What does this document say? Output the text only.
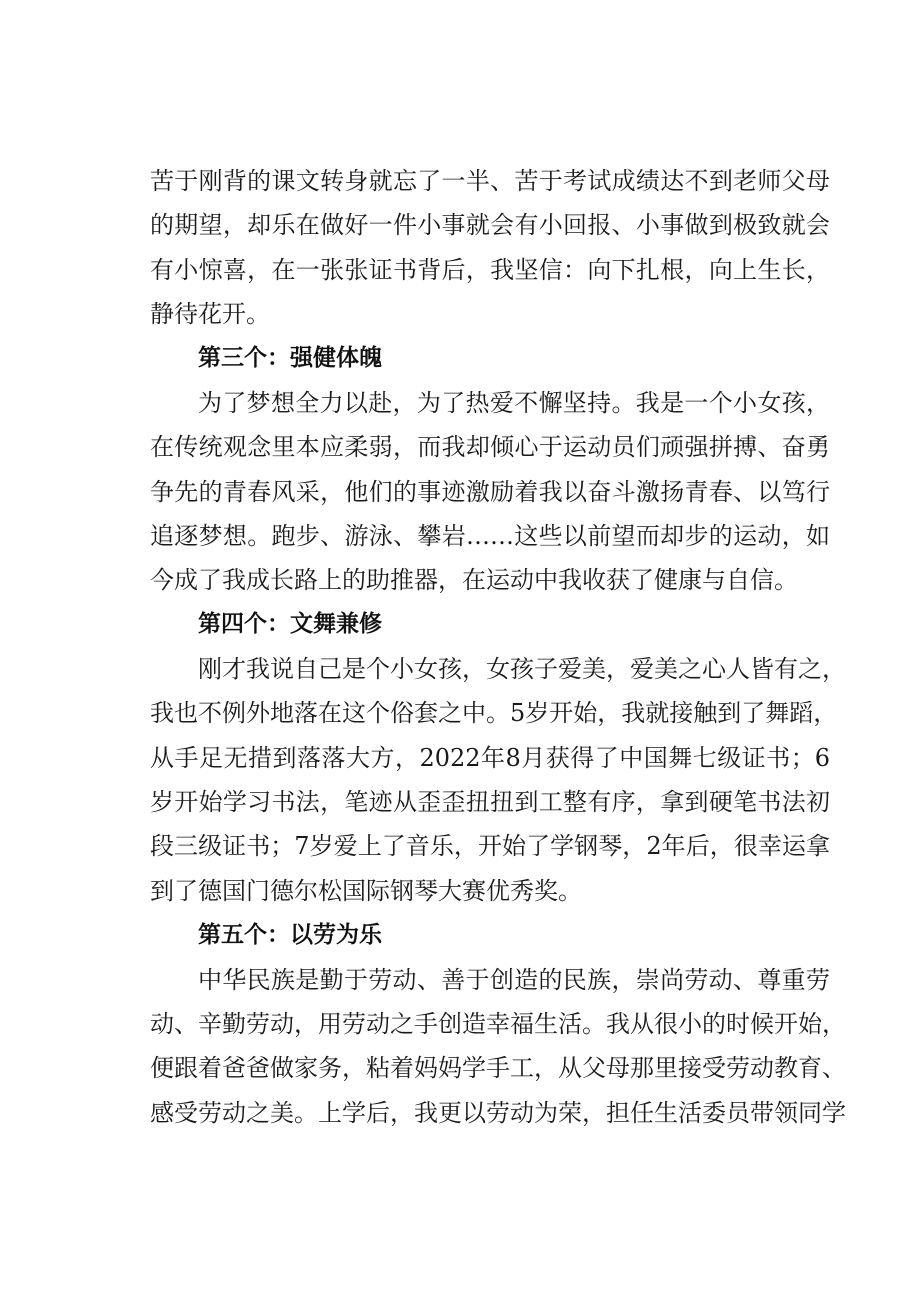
苦于刚背的课文转身就忘了一半、苦于考试成绩达不到老师父母

的期望，却乐在做好一件小事就会有小回报、小事做到极致就会

有小惊喜，在一张张证书背后，我坚信：向下扎根，向上生长，

静待花开。

第三个：强健体魄

为了梦想全力以赴，为了热爱不懈坚持。我是一个小女孩，

在传统观念里本应柔弱，而我却倾心于运动员们顽强拼搏、奋勇

争先的青春风采，他们的事迹激励着我以奋斗激扬青春、以笃行

追逐梦想。跑步、游泳、攀岩……这些以前望而却步的运动，如

今成了我成长路上的助推器，在运动中我收获了健康与自信。

第四个：文舞兼修

刚才我说自己是个小女孩，女孩子爱美，爱美之心人皆有之，

我也不例外地落在这个俗套之中。5岁开始，我就接触到了舞蹈，

从手足无措到落落大方，2022年8月获得了中国舞七级证书；6

岁开始学习书法，笔迹从歪歪扭扭到工整有序，拿到硬笔书法初

段三级证书；7岁爱上了音乐，开始了学钢琴，2年后，很幸运拿

到了德国门德尔松国际钢琴大赛优秀奖。

第五个：以劳为乐

中华民族是勤于劳动、善于创造的民族，崇尚劳动、尊重劳

动、辛勤劳动，用劳动之手创造幸福生活。我从很小的时候开始，

便跟着爸爸做家务，粘着妈妈学手工，从父母那里接受劳动教育、

感受劳动之美。上学后，我更以劳动为荣，担任生活委员带领同学
